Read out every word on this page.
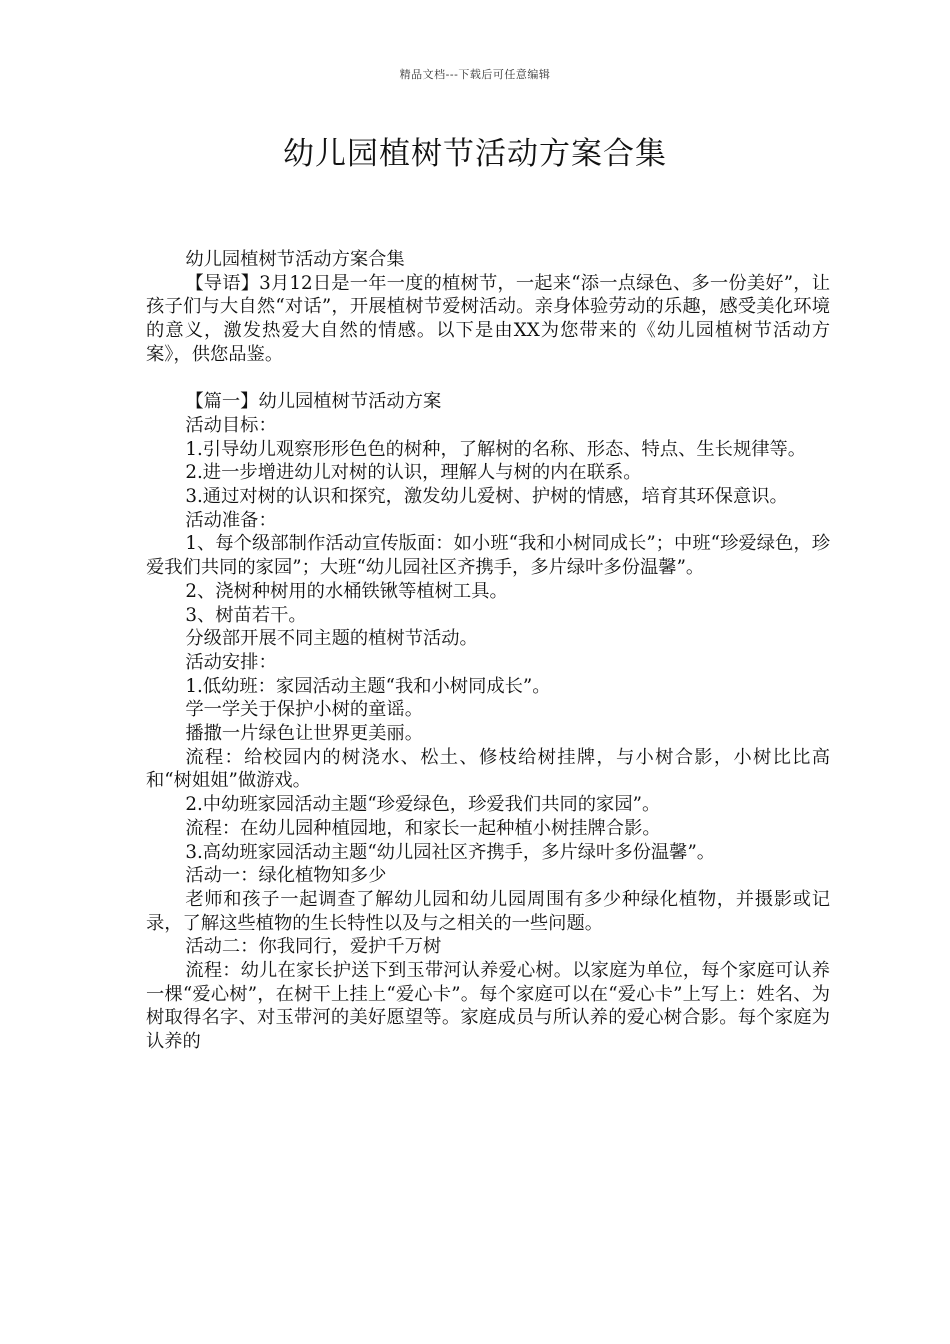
精品文档---下载后可任意编辑
幼儿园植树节活动方案合集

幼儿园植树节活动方案合集

【导语】3月12日是一年一度的植树节，一起来“添一点绿色、多一份美好”，让孩子们与大自然“对话”，开展植树节爱树活动。亲身体验劳动的乐趣，感受美化环境的意义，激发热爱大自然的情感。以下是由XX为您带来的《幼儿园植树节活动方案》，供您品鉴。

【篇一】幼儿园植树节活动方案

活动目标：

1.引导幼儿观察形形色色的树种，了解树的名称、形态、特点、生长规律等。

2.进一步增进幼儿对树的认识，理解人与树的内在联系。

3.通过对树的认识和探究，激发幼儿爱树、护树的情感，培育其环保意识。

活动准备：

1、每个级部制作活动宣传版面：如小班“我和小树同成长”；中班“珍爱绿色，珍爱我们共同的家园”；大班“幼儿园社区齐携手，多片绿叶多份温馨”。

2、浇树种树用的水桶铁锹等植树工具。

3、树苗若干。

分级部开展不同主题的植树节活动。

活动安排：

1.低幼班：家园活动主题“我和小树同成长”。

学一学关于保护小树的童谣。

播撒一片绿色让世界更美丽。

流程：给校园内的树浇水、松土、修枝给树挂牌，与小树合影，小树比比高和“树姐姐”做游戏。

2.中幼班家园活动主题“珍爱绿色，珍爱我们共同的家园”。

流程：在幼儿园种植园地，和家长一起种植小树挂牌合影。

3.高幼班家园活动主题“幼儿园社区齐携手，多片绿叶多份温馨”。

活动一：绿化植物知多少

老师和孩子一起调查了解幼儿园和幼儿园周围有多少种绿化植物，并摄影或记录，了解这些植物的生长特性以及与之相关的一些问题。

活动二：你我同行，爱护千万树

流程：幼儿在家长护送下到玉带河认养爱心树。以家庭为单位，每个家庭可认养一棵“爱心树”，在树干上挂上“爱心卡”。每个家庭可以在“爱心卡”上写上：姓名、为树取得名字、对玉带河的美好愿望等。家庭成员与所认养的爱心树合影。每个家庭为认养的
